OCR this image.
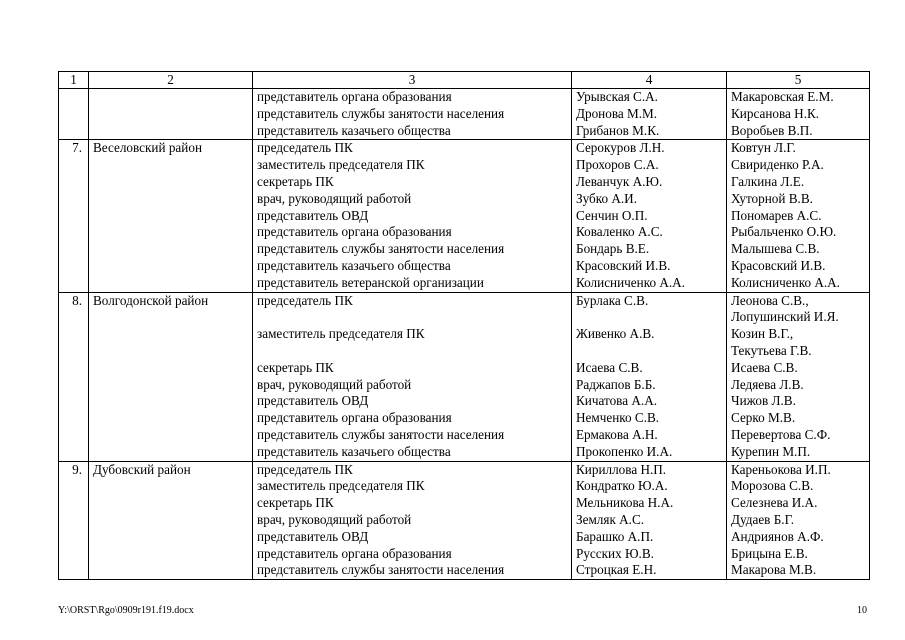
1	2	3	4	5
		представитель органа образования	Урывская С.А.	Макаровская Е.М.
		представитель службы занятости населения	Дронова М.М.	Кирсанова Н.К.
		представитель казачьего общества	Грибанов М.К.	Воробьев В.П.
7.	Веселовский район	председатель ПК	Серокуров Л.Н.	Ковтун Л.Г.
		заместитель председателя ПК	Прохоров С.А.	Свириденко Р.А.
		секретарь ПК	Леванчук А.Ю.	Галкина Л.Е.
		врач, руководящий работой	Зубко А.И.	Хуторной В.В.
		представитель ОВД	Сенчин О.П.	Пономарев А.С.
		представитель органа образования	Коваленко А.С.	Рыбальченко О.Ю.
		представитель службы занятости населения	Бондарь В.Е.	Малышева С.В.
		представитель казачьего общества	Красовский И.В.	Красовский И.В.
		представитель ветеранской организации	Колисниченко А.А.	Колисниченко А.А.
8.	Волгодонской район	председатель ПК	Бурлака С.В.	Леонова С.В.,
				Лопушинский И.Я.
		заместитель председателя ПК	Живенко А.В.	Козин В.Г.,
				Текутьева Г.В.
		секретарь ПК	Исаева С.В.	Исаева С.В.
		врач, руководящий работой	Раджапов Б.Б.	Ледяева Л.В.
		представитель ОВД	Кичатова А.А.	Чижов Л.В.
		представитель органа образования	Немченко С.В.	Серко М.В.
		представитель службы занятости населения	Ермакова А.Н.	Перевертова С.Ф.
		представитель казачьего общества	Прокопенко И.А.	Курепин М.П.
9.	Дубовский район	председатель ПК	Кириллова Н.П.	Кареньокова И.П.
		заместитель председателя ПК	Кондратко Ю.А.	Морозова С.В.
		секретарь ПК	Мельникова Н.А.	Селезнева И.А.
		врач, руководящий работой	Земляк А.С.	Дудаев Б.Г.
		представитель ОВД	Барашко А.П.	Андриянов А.Ф.
		представитель органа образования	Русских Ю.В.	Брицына Е.В.
		представитель службы занятости населения	Строцкая Е.Н.	Макарова М.В.
Y:\ORST\Rgo\0909r191.f19.docx	10
